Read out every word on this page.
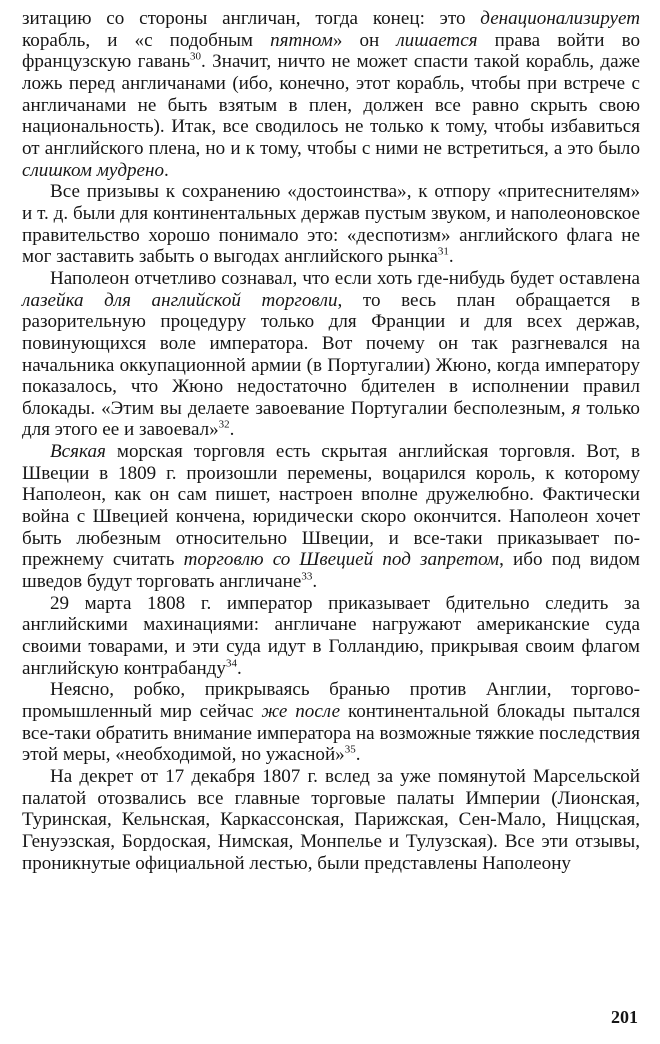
зитацию со стороны англичан, тогда конец: это денационализирует корабль, и «с подобным пятном» он лишается права войти во французскую гавань$^{30}$. Значит, ничто не может спасти такой корабль, даже ложь перед англичанами (ибо, конечно, этот корабль, чтобы при встрече с англичанами не быть взятым в плен, должен все равно скрыть свою национальность). Итак, все сводилось не только к тому, чтобы избавиться от английского плена, но и к тому, чтобы с ними не встретиться, а это было слишком мудрено.

Все призывы к сохранению «достоинства», к отпору «притеснителям» и т. д. были для континентальных держав пустым звуком, и наполеоновское правительство хорошо понимало это: «деспотизм» английского флага не мог заставить забыть о выгодах английского рынка$^{31}$.

Наполеон отчетливо сознавал, что если хоть где-нибудь будет оставлена лазейка для английской торговли, то весь план обращается в разорительную процедуру только для Франции и для всех держав, повинующихся воле императора. Вот почему он так разгневался на начальника оккупационной армии (в Португалии) Жюно, когда императору показалось, что Жюно недостаточно бдителен в исполнении правил блокады. «Этим вы делаете завоевание Португалии бесполезным, я только для этого ее и завоевал»$^{32}$.

Всякая морская торговля есть скрытая английская торговля. Вот, в Швеции в 1809 г. произошли перемены, воцарился король, к которому Наполеон, как он сам пишет, настроен вполне дружелюбно. Фактически война с Швецией кончена, юридически скоро окончится. Наполеон хочет быть любезным относительно Швеции, и все-таки приказывает по-прежнему считать торговлю со Швецией под запретом, ибо под видом шведов будут торговать англичане$^{33}$.

29 марта 1808 г. император приказывает бдительно следить за английскими махинациями: англичане нагружают американские суда своими товарами, и эти суда идут в Голландию, прикрывая своим флагом английскую контрабанду$^{34}$.

Неясно, робко, прикрываясь бранью против Англии, торгово-промышленный мир сейчас же после континентальной блокады пытался все-таки обратить внимание императора на возможные тяжкие последствия этой меры, «необходимой, но ужасной»$^{35}$.

На декрет от 17 декабря 1807 г. вслед за уже помянутой Марсельской палатой отозвались все главные торговые палаты Империи (Лионская, Туринская, Кельнская, Каркассонская, Парижская, Сен-Мало, Ниццская, Генуэзская, Бордоская, Нимская, Монпелье и Тулузская). Все эти отзывы, проникнутые официальной лестью, были представлены Наполеону

201
